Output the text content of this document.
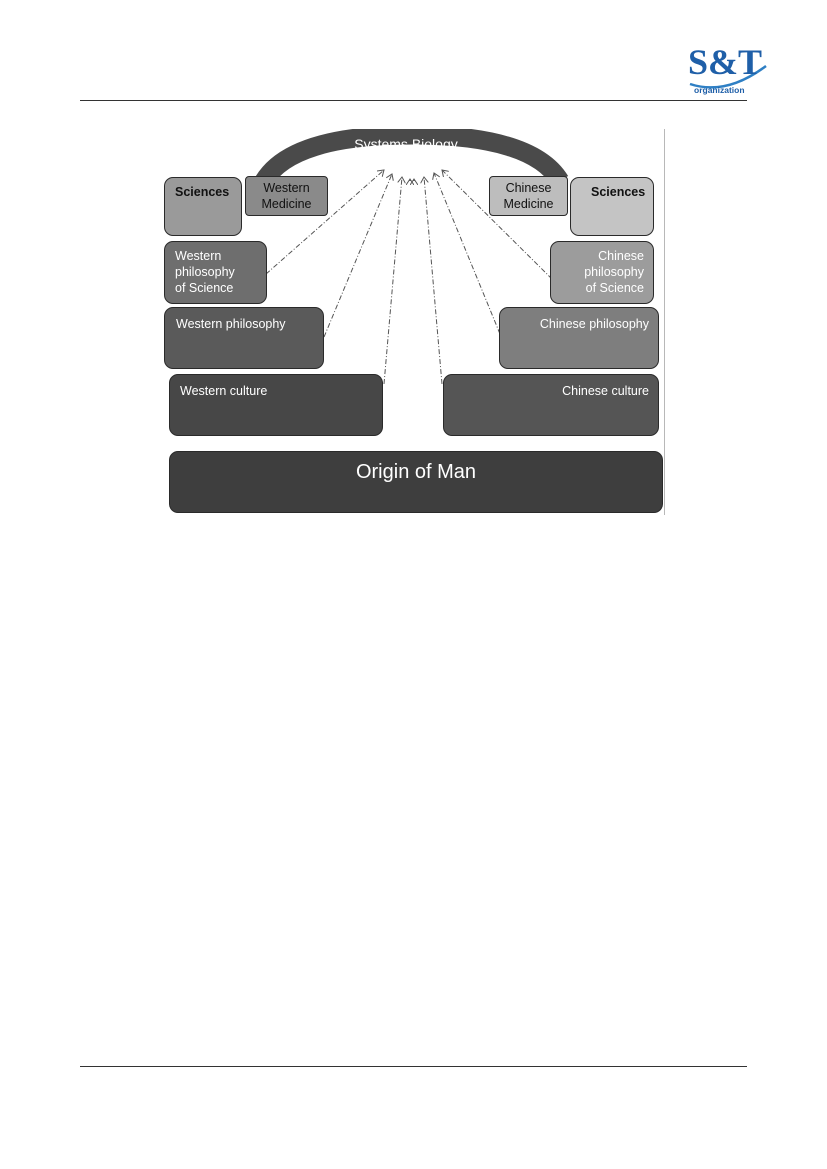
S&T
organization
Systems Biology
Sciences	Western
Medicine
Western
philosophy
of Science
Western philosophy
Western culture
Chinese
Medicine
Sciences
Chinese
philosophy
of Science
Chinese philosophy
Chinese culture
Origin of Man
